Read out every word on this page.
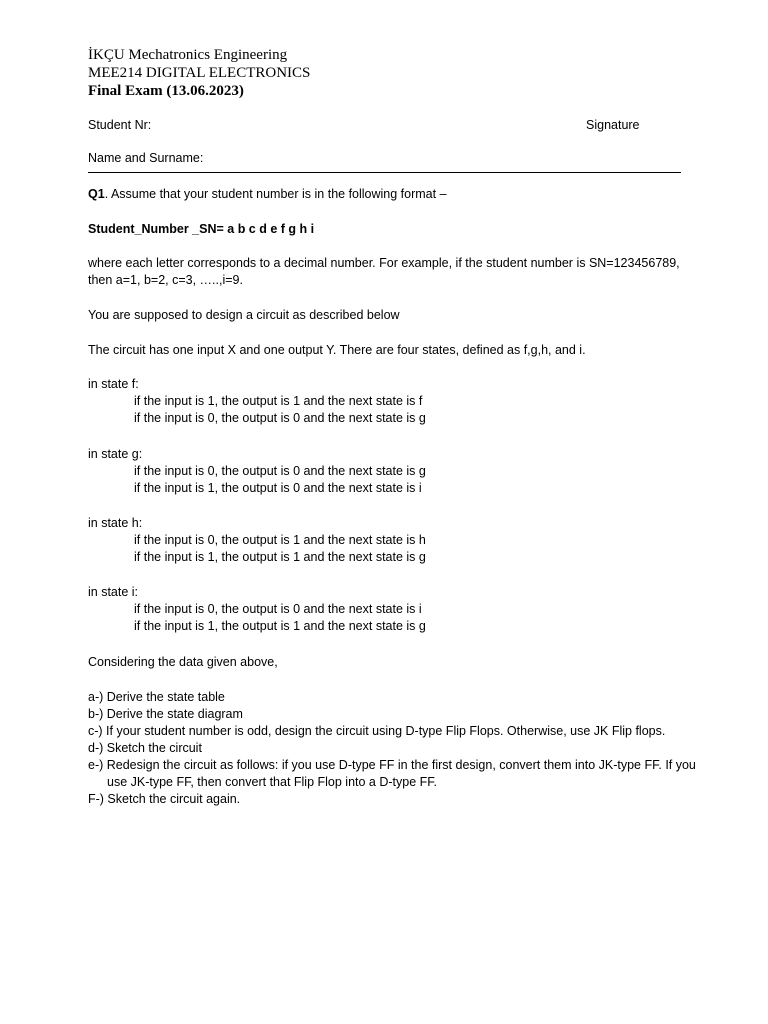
İKÇU Mechatronics Engineering
MEE214 DIGITAL ELECTRONICS
Final Exam (13.06.2023)
Student Nr:	Signature
Name and Surname:
Q1. Assume that your student number is in the following format –
Student_Number _SN= a b c d e f g h i
where each letter corresponds to a decimal number. For example, if the student number is SN=123456789,
then a=1, b=2, c=3, …..,i=9.
You are supposed to design a circuit as described below
The circuit has one input X and one output Y. There are four states, defined as f,g,h, and i.
in state f:
if the input is 1, the output is 1 and the next state is f
if the input is 0, the output is 0 and the next state is g
in state g:
if the input is 0, the output is 0 and the next state is g
if the input is 1, the output is 0 and the next state is i
in state h:
if the input is 0, the output is 1 and the next state is h
if the input is 1, the output is 1 and the next state is g
in state i:
if the input is 0, the output is 0 and the next state is i
if the input is 1, the output is 1 and the next state is g
Considering the data given above,
a-) Derive the state table
b-) Derive the state diagram
c-) If your student number is odd, design the circuit using D-type Flip Flops. Otherwise, use JK Flip flops.
d-) Sketch the circuit
e-) Redesign the circuit as follows: if you use D-type FF in the first design, convert them into JK-type FF. If you use JK-type FF, then convert that Flip Flop into a D-type FF.
F-) Sketch the circuit again.
